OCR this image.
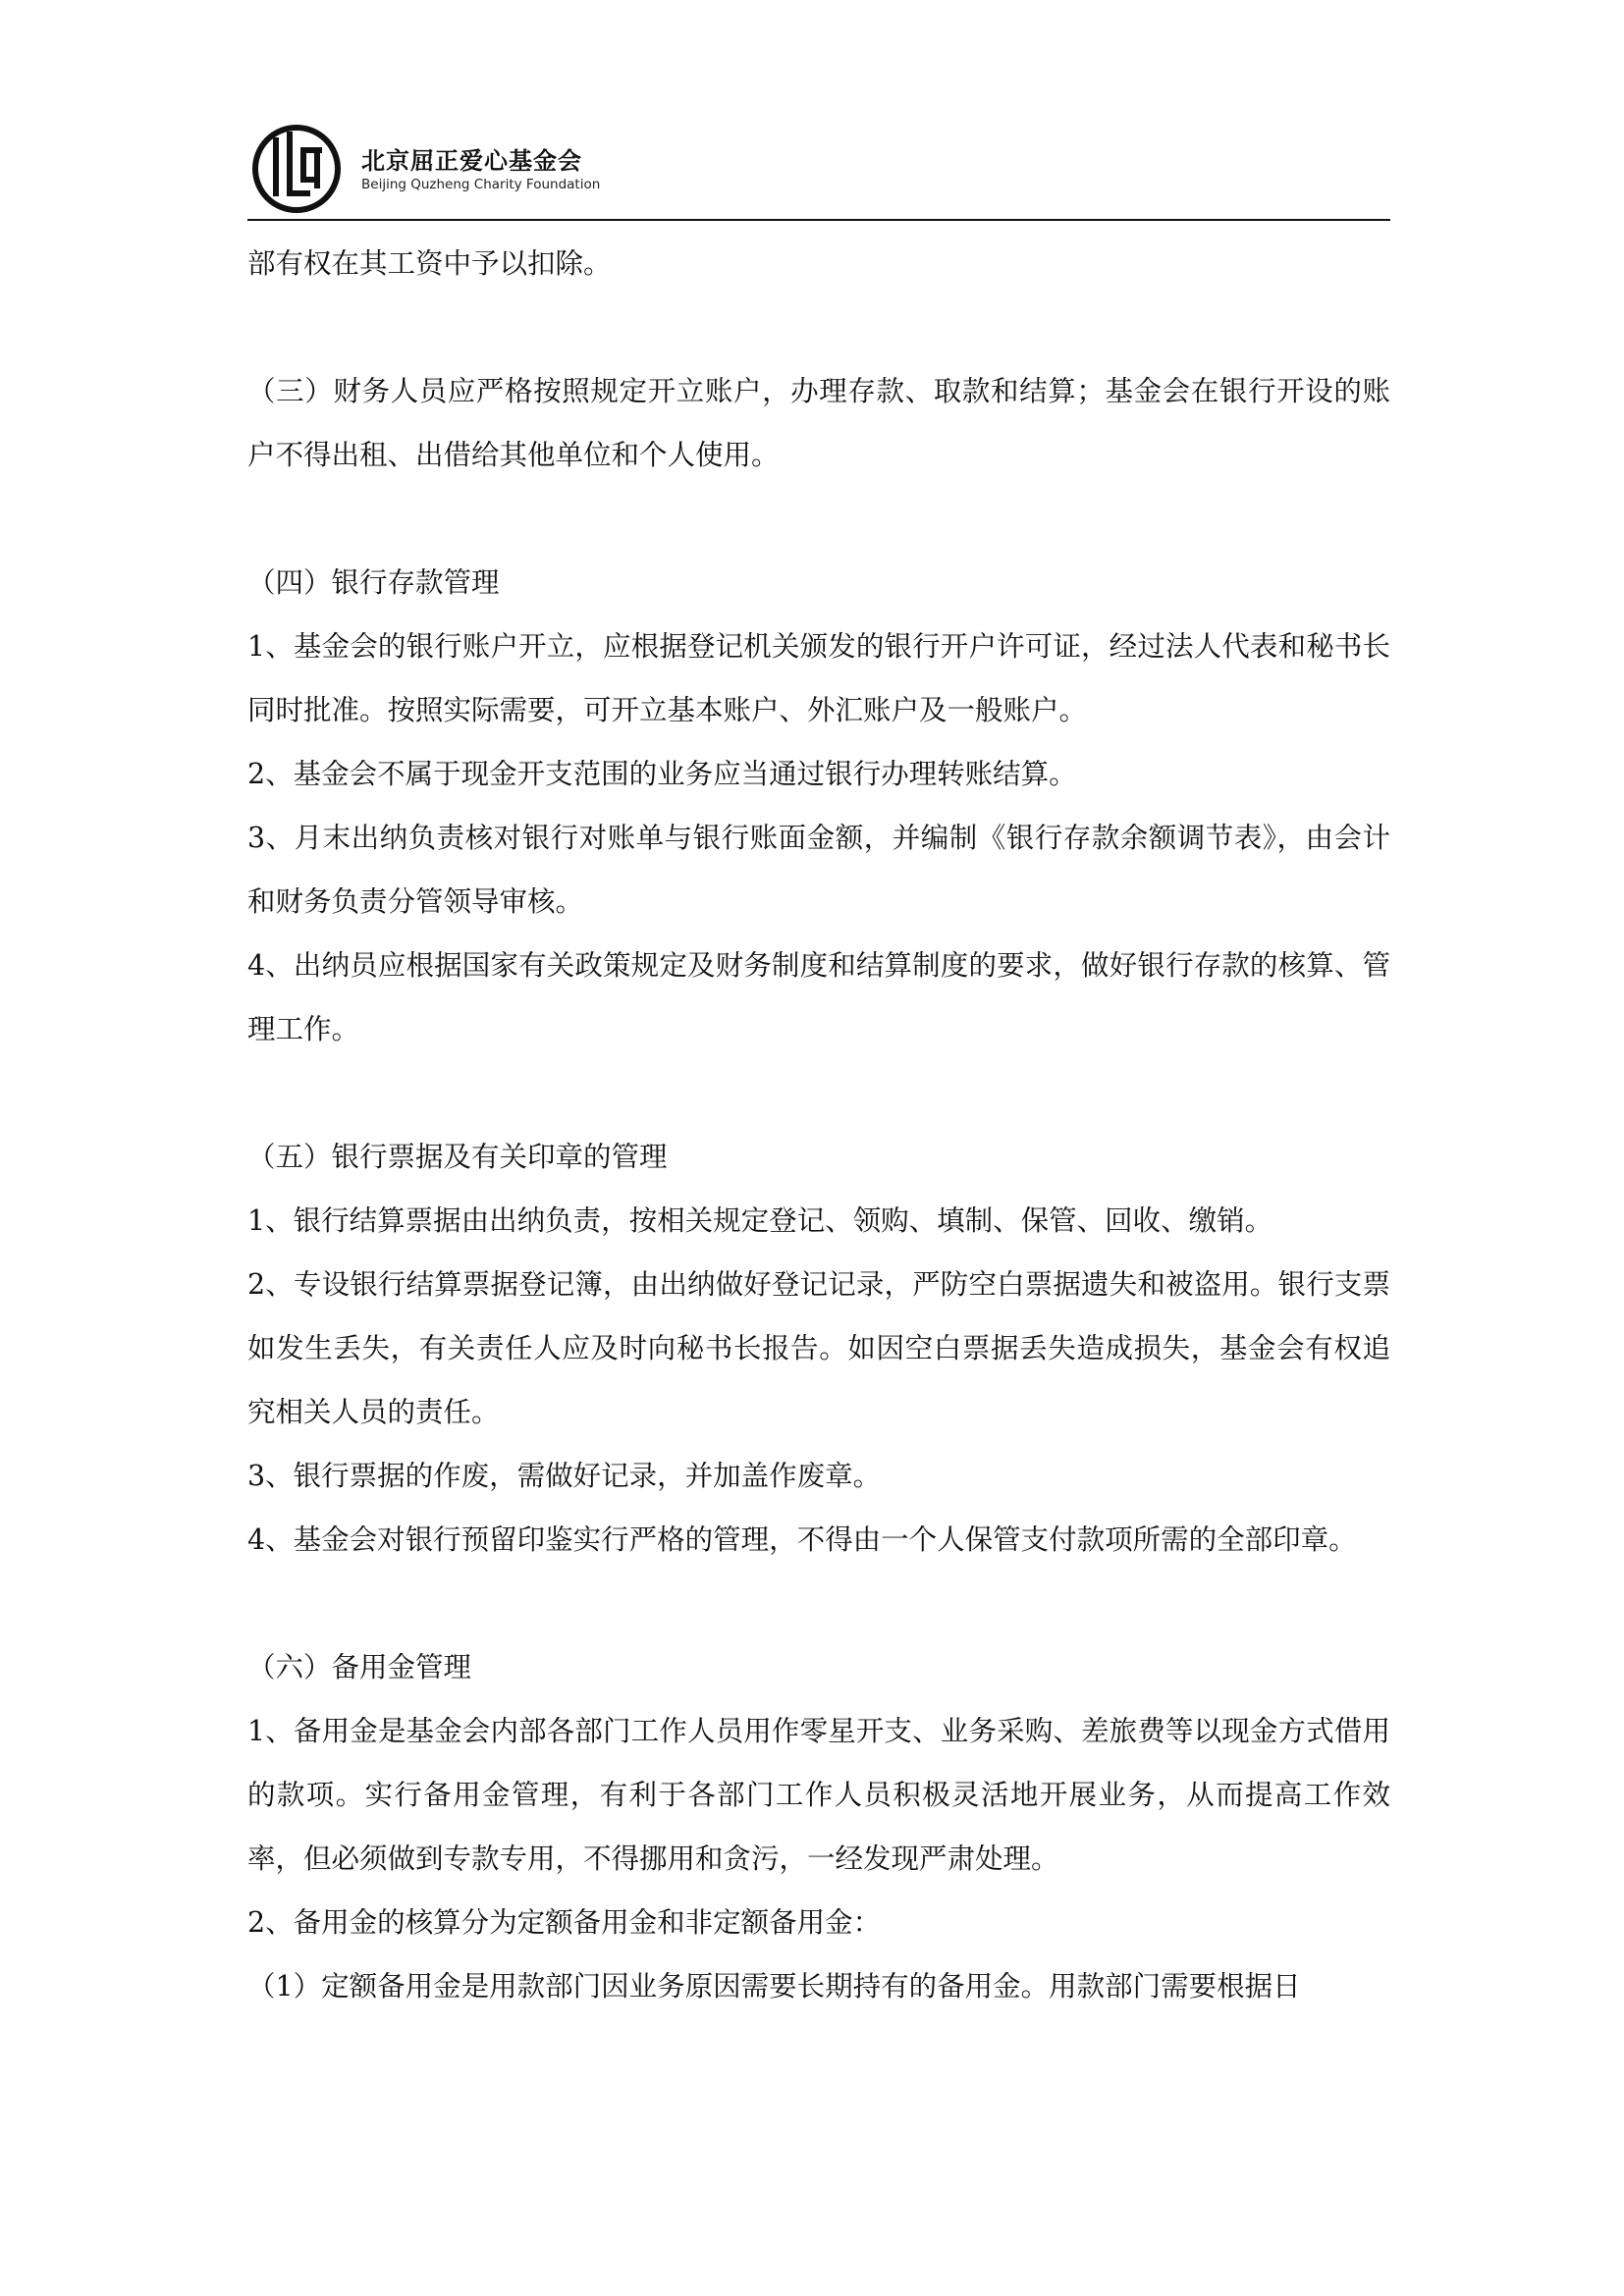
北京屈正爱心基金会
Beijing Quzheng Charity Foundation

部有权在其工资中予以扣除。

（三）财务人员应严格按照规定开立账户，办理存款、取款和结算；基金会在银行开设的账户不得出租、出借给其他单位和个人使用。

（四）银行存款管理

1、基金会的银行账户开立，应根据登记机关颁发的银行开户许可证，经过法人代表和秘书长同时批准。按照实际需要，可开立基本账户、外汇账户及一般账户。

2、基金会不属于现金开支范围的业务应当通过银行办理转账结算。

3、月末出纳负责核对银行对账单与银行账面金额，并编制《银行存款余额调节表》，由会计和财务负责分管领导审核。

4、出纳员应根据国家有关政策规定及财务制度和结算制度的要求，做好银行存款的核算、管理工作。

（五）银行票据及有关印章的管理

1、银行结算票据由出纳负责，按相关规定登记、领购、填制、保管、回收、缴销。

2、专设银行结算票据登记簿，由出纳做好登记记录，严防空白票据遗失和被盗用。银行支票如发生丢失，有关责任人应及时向秘书长报告。如因空白票据丢失造成损失，基金会有权追究相关人员的责任。

3、银行票据的作废，需做好记录，并加盖作废章。

4、基金会对银行预留印鉴实行严格的管理，不得由一个人保管支付款项所需的全部印章。

（六）备用金管理

1、备用金是基金会内部各部门工作人员用作零星开支、业务采购、差旅费等以现金方式借用的款项。实行备用金管理，有利于各部门工作人员积极灵活地开展业务，从而提高工作效率，但必须做到专款专用，不得挪用和贪污，一经发现严肃处理。

2、备用金的核算分为定额备用金和非定额备用金：

（1）定额备用金是用款部门因业务原因需要长期持有的备用金。用款部门需要根据日
